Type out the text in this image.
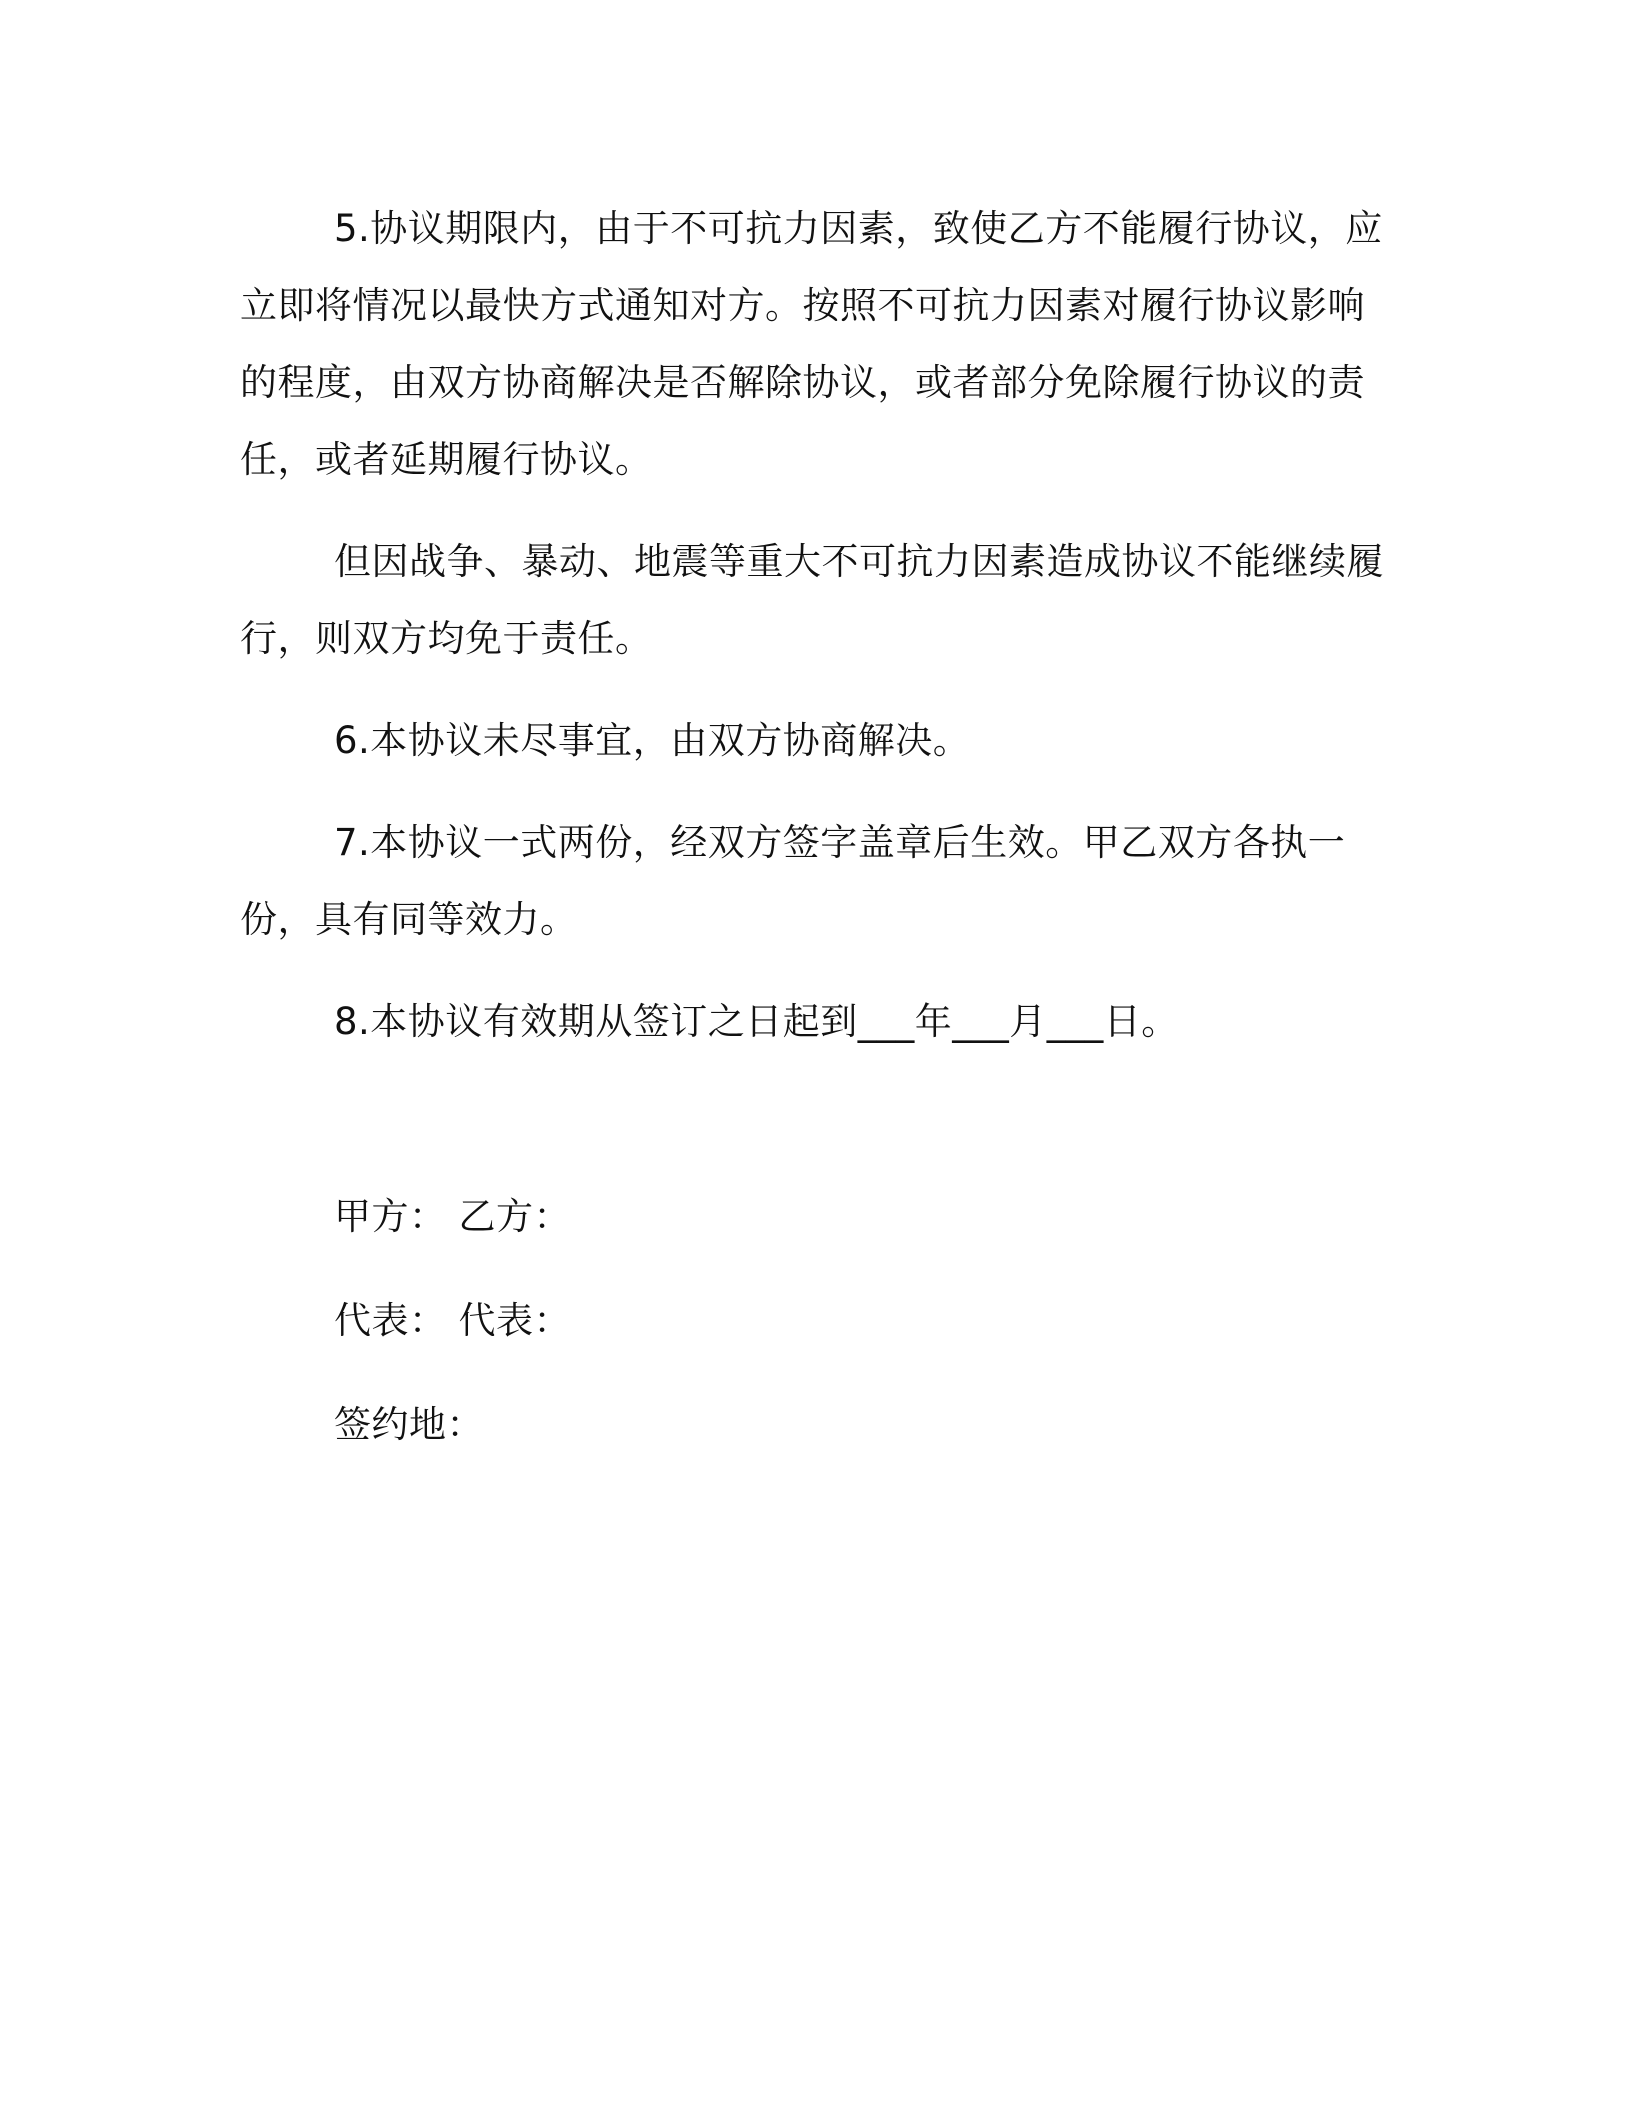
5.协议期限内，由于不可抗力因素，致使乙方不能履行协议，应立即将情况以最快方式通知对方。按照不可抗力因素对履行协议影响的程度，由双方协商解决是否解除协议，或者部分免除履行协议的责任，或者延期履行协议。

但因战争、暴动、地震等重大不可抗力因素造成协议不能继续履行，则双方均免于责任。

6.本协议未尽事宜，由双方协商解决。

7.本协议一式两份，经双方签字盖章后生效。甲乙双方各执一份，具有同等效力。

8.本协议有效期从签订之日起到___年___月___日。

甲方： 乙方：
代表： 代表：
签约地：
